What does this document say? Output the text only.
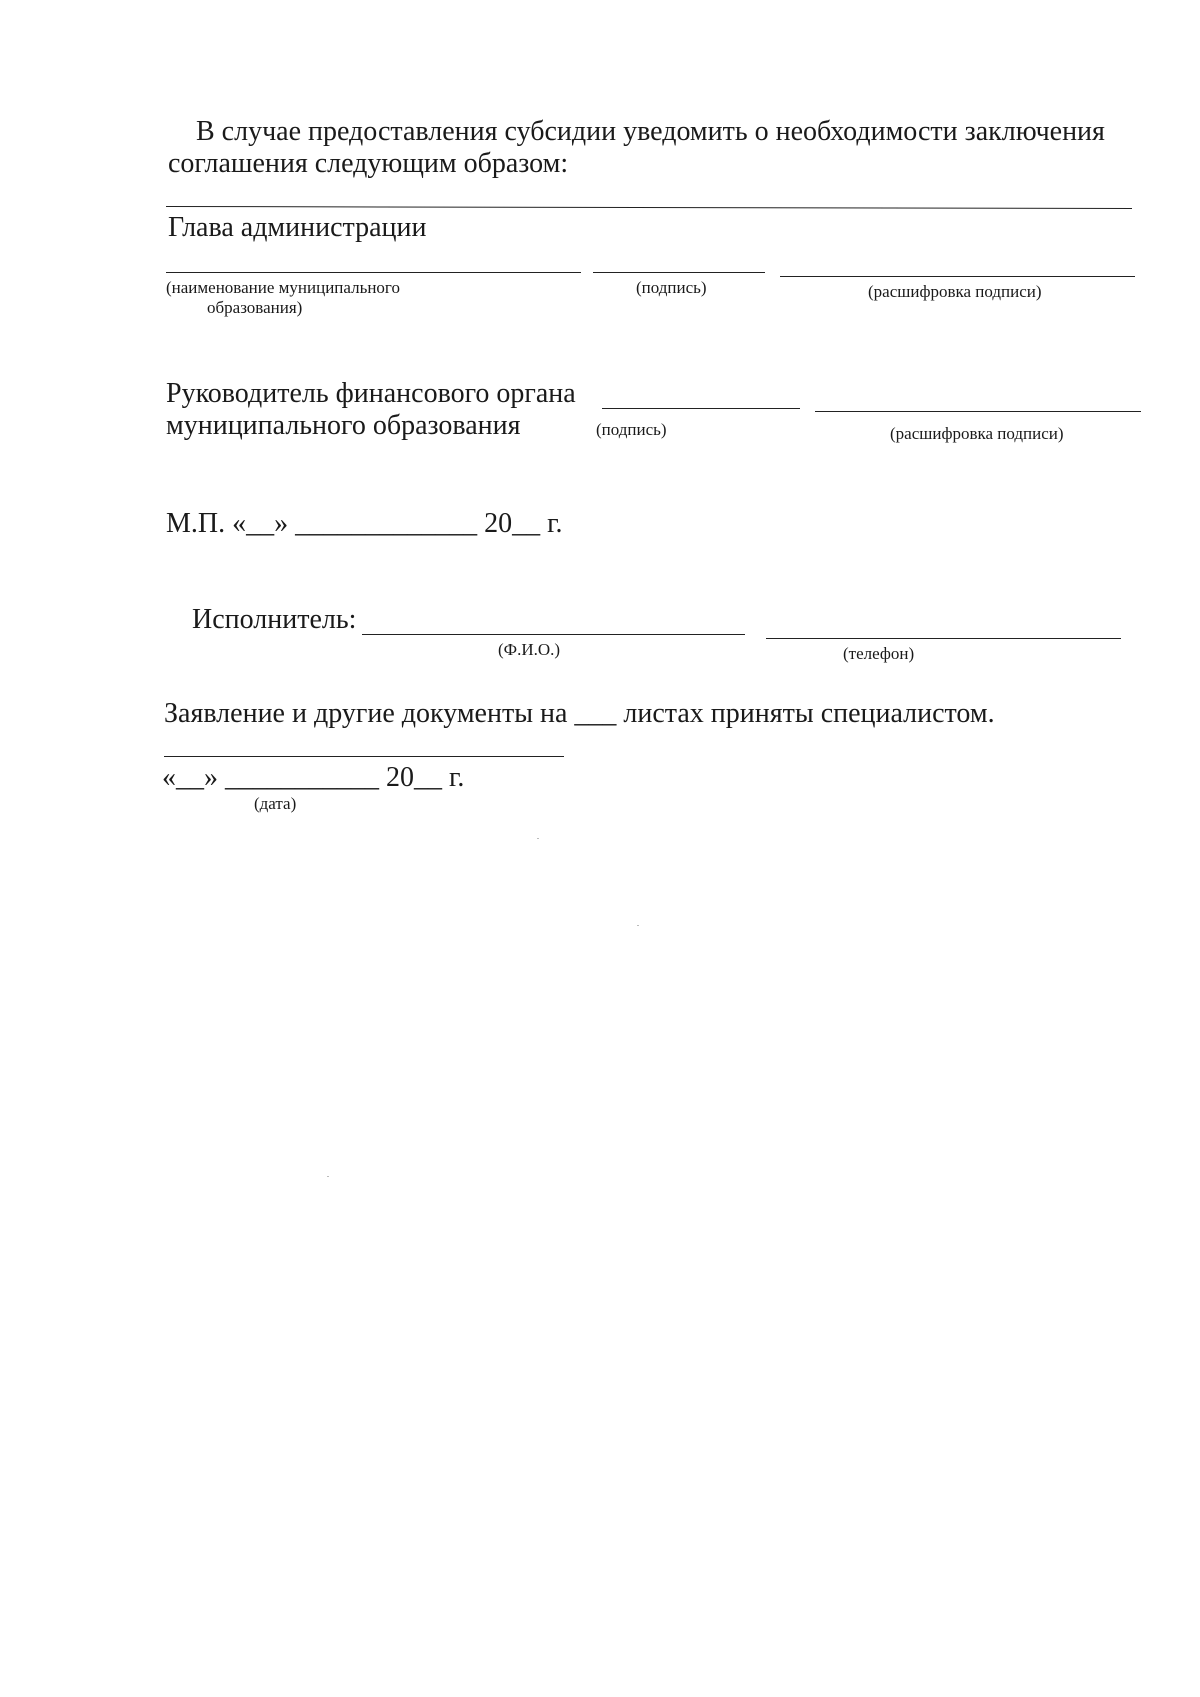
В случае предоставления субсидии уведомить о необходимости заключения
соглашения следующим образом:
Глава администрации
(наименование муниципального
образования)
(подпись)	(расшифровка подписи)
Руководитель финансового органа
муниципального образования	(подпись)	(расшифровка подписи)
М.П. «__» _____________ 20__ г.
Исполнитель:
(Ф.И.О.)	(телефон)
Заявление и другие документы на ___ листах приняты специалистом.
«__» ___________ 20__ г.
(дата)
